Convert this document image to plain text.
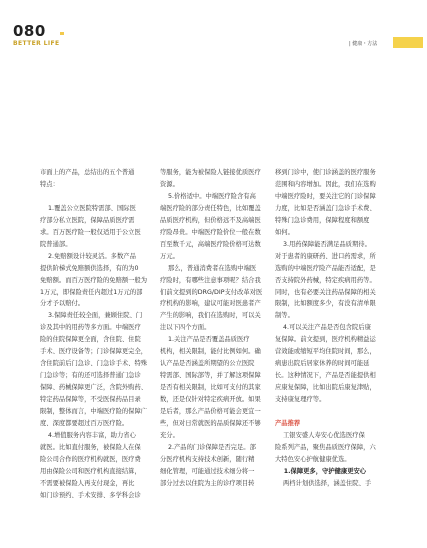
080
BETTER LIFE	| 健康・方法

市面上的产品，总结出的五个普通

特点：

1.覆盖公立医院特需部、国际医

疗部分私立医院，保障品质医疗需

求。百万医疗险一般仅适用于公立医

院普通部。

2.免赔额设计较灵活。多数产品

提供阶梯式免赔额供选择，有的为0

免赔额。而百万医疗险的免赔额一般为

1万元，即保险责任内超过1万元的部

分才予以赔付。

3.保障责任较全面，兼顾住院、门

诊及其中的用药等多方面。中端医疗

险的住院保障更全面，含住院、住院

手术、医疗设备等；门诊保障更完全，

含住院前后门急诊、门急诊手术、特殊

门急诊等；有的还可选择普通门急诊

保障、药械保障更广泛，含院外购药、

特定药品保障等，不受医保药品目录

限制，整体而言，中端医疗险的保障广

度、深度都要超过百万医疗险。

4.增值服务内容丰富，助力省心

就医。比如直付服务，被保险人在保

险公司合作的医疗机构就医，医疗费

用由保险公司和医疗机构直接结算，

不需要被保险人再支付现金，再比

如门诊预约、手术安排、多学科会诊

等服务，能为被保险人链接优质医疗

资源。

5.价格适中。中端医疗险含有高

端医疗险的部分责任特色，比如覆盖

品质医疗机构，但价格远不及高端医

疗险昂贵。中端医疗险价位一般在数

百至数千元，高端医疗险价格可达数

万元。

那么，普通消费者在选购中端医

疗险时，有哪些注意事项呢？结合我

们前文提到的DRG/DIP支付改革对医

疗机构的影响，建议可能对医患者产

产生的影响，我们在选购时，可以关

注以下四个方面。

1.关注产品是否覆盖品质医疗

机构，相关限制，能付比例如何。确

认产品是否涵盖所期望的公立医院

特需部、国际部等，并了解这项保障

是否有相关限制，比如可支付的其家

数，还是仅针对特定疾病开放。如果

是后者，那么产品价格可能会更宜一

些，但对日常就医的品质保障还不够

充分。

2.产品的门诊保障是否完足。部

分医疗机构支持技术创新，随行精

细化管理，可能通过技术细分将一

部分过去以住院为主的诊疗项目转

移到门诊中，使门诊涵盖的医疗服务

范围和内容增加。因此，我们在选购

中端医疗险时，要关注它的门诊保障

力度，比如是否涵盖门急诊手术费、

特殊门急诊费用，保障程度和额度

如何。

3.用药保障能否满足品质期待。

对于患者的康研药、进口药需求，所

选购的中端医疗险产品能否适配，是

否支持院外药械，特定疾病用药等。

同时，也有必要关注药品保障的相关

限制，比如额度多少，有没有清单限

制等。

4.可以关注产品是否包含院后康

复保障。前文提到，医疗机构精益运

营效能或缩短平均住院时间，那么，

病患出院后居家休养的时间可能延

长。这种情况下，产品是否能提供相

应康复保障，比如出院后康复津贴，

支持康复理疗等。

产品推荐

工银安盛人寿安心优选医疗保

险系列产品，聚焦品质医疗保障，六

大特色安心护航健康优选。

1.保障更多，守护健康更安心

两档计划供选择，涵盖住院、手
